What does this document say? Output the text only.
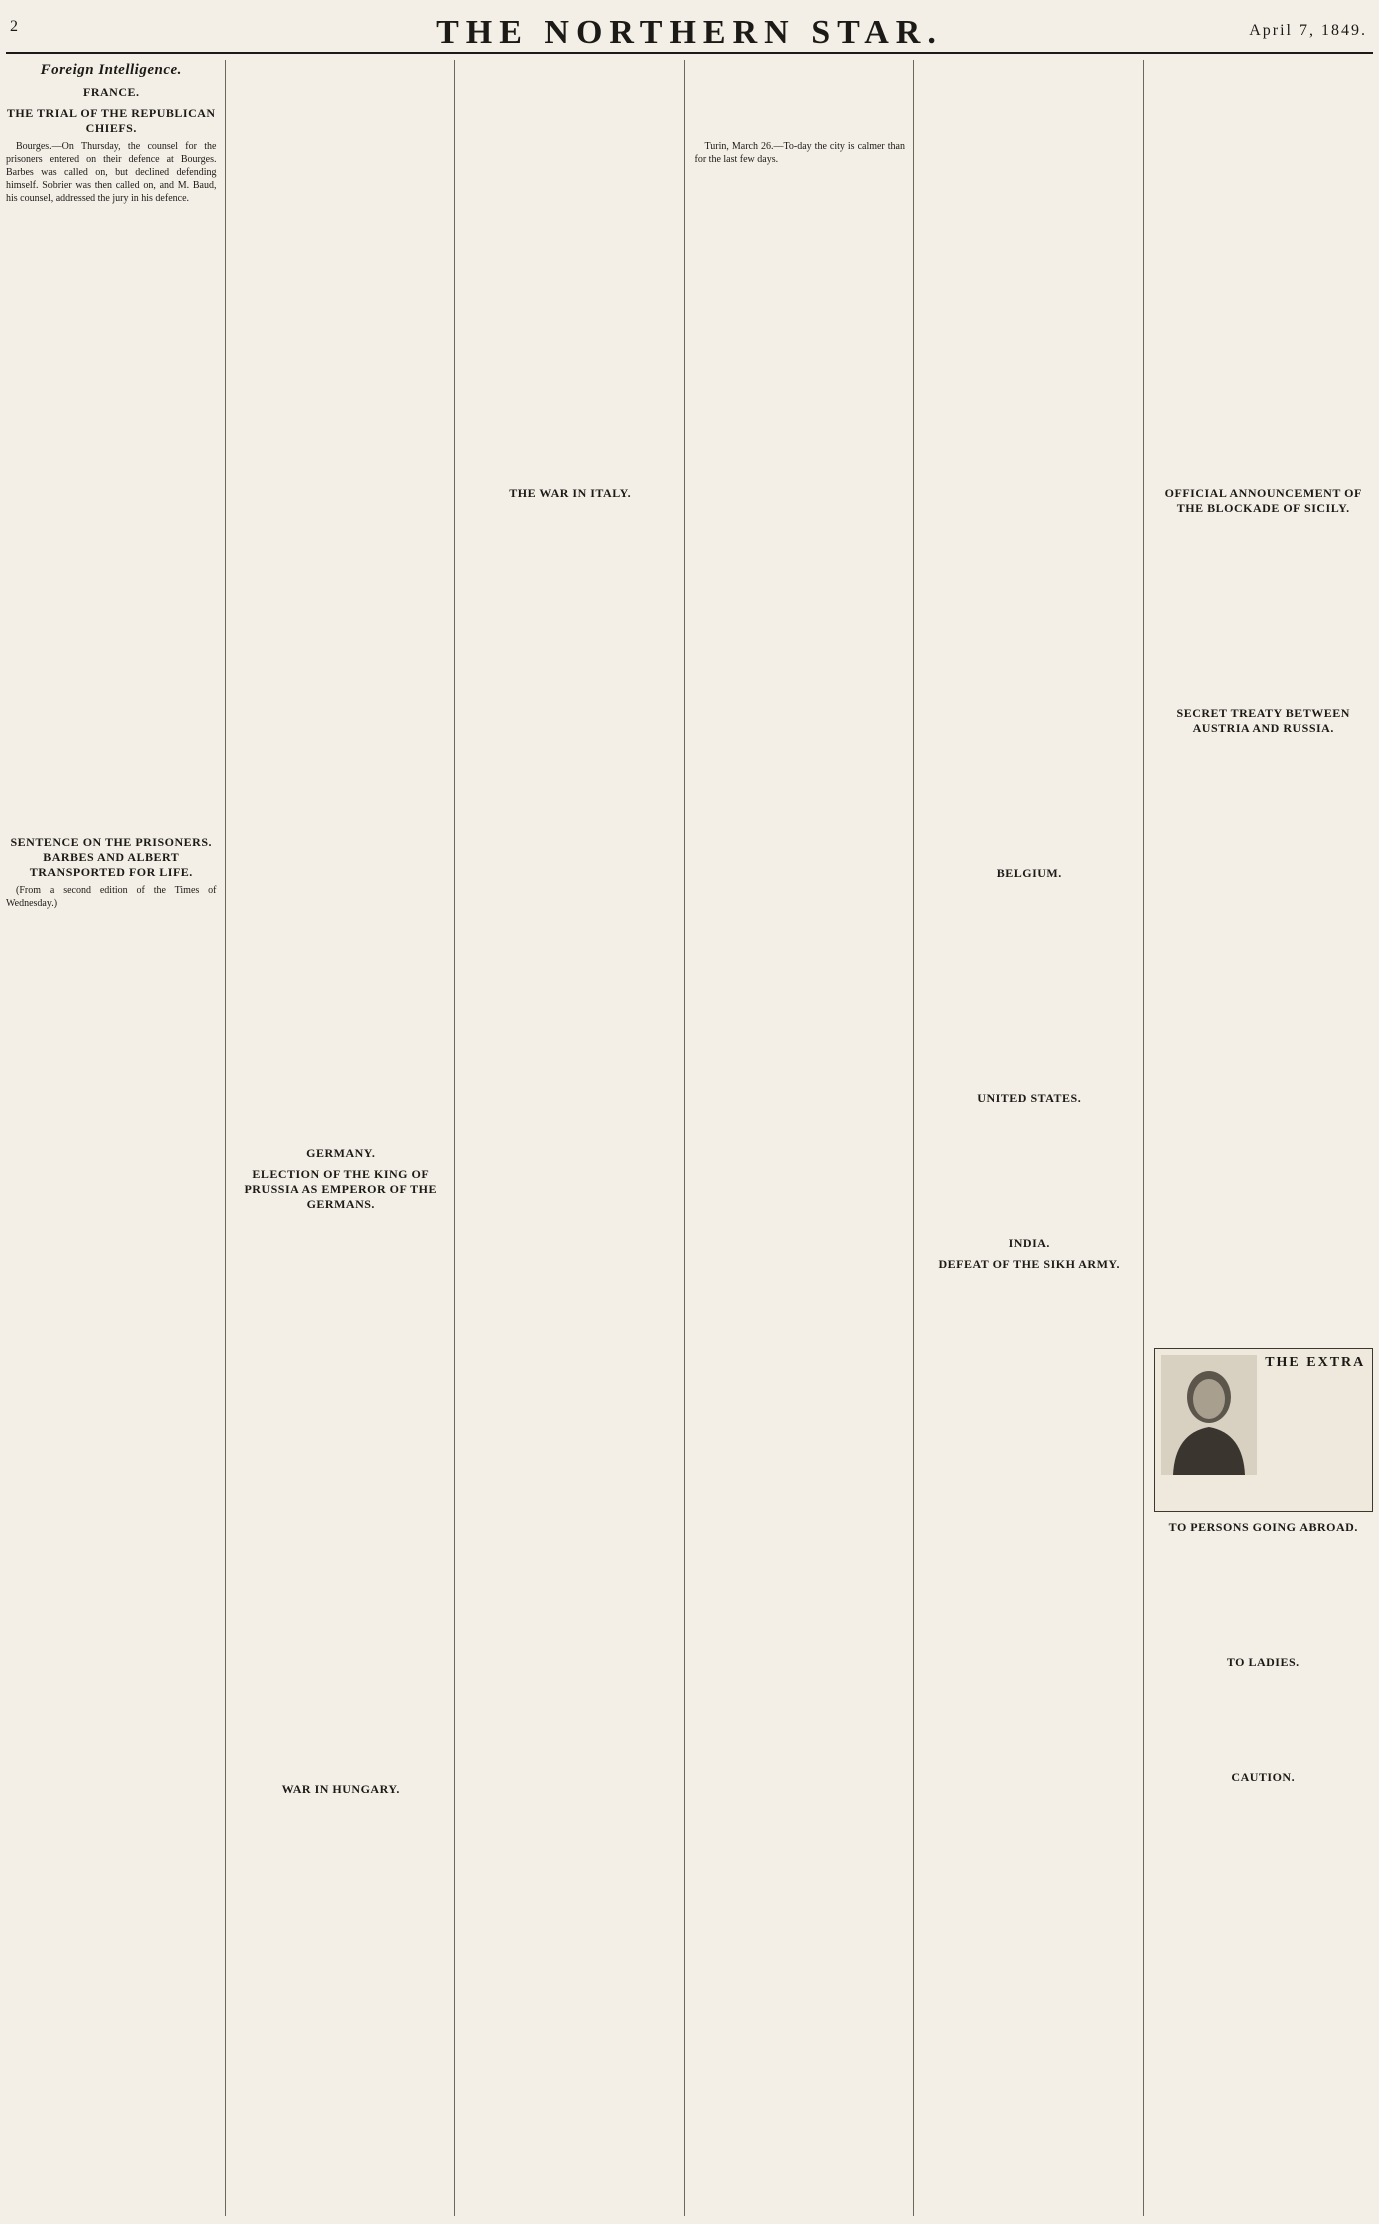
2	THE NORTHERN STAR.	April 7, 1849.
Foreign Intelligence.
FRANCE.
THE TRIAL OF THE REPUBLICAN CHIEFS.

Bourges.—On Thursday, the counsel for the prisoners entered on their defence at Bourges. Barbes was called on, but declined defending himself. Sobrier was then called on, and M. Baud, his counsel, addressed the jury in his defence.

SENTENCE ON THE PRISONERS. BARBES AND ALBERT TRANSPORTED FOR LIFE.

(From a second edition of the Times of Wednesday.)

GERMANY.
ELECTION OF THE KING OF PRUSSIA AS EMPEROR OF THE GERMANS.
WAR IN HUNGARY.
THE WAR IN ITALY.

Turin, March 26.—To-day the city is calmer than for the last few days.

BELGIUM.
UNITED STATES.
INDIA.
DEFEAT OF THE SIKH ARMY.
OFFICIAL ANNOUNCEMENT OF THE BLOCKADE OF SICILY.
SECRET TREATY BETWEEN AUSTRIA AND RUSSIA.
THE EXTRA
TO PERSONS GOING ABROAD.
TO LADIES.
CAUTION.
